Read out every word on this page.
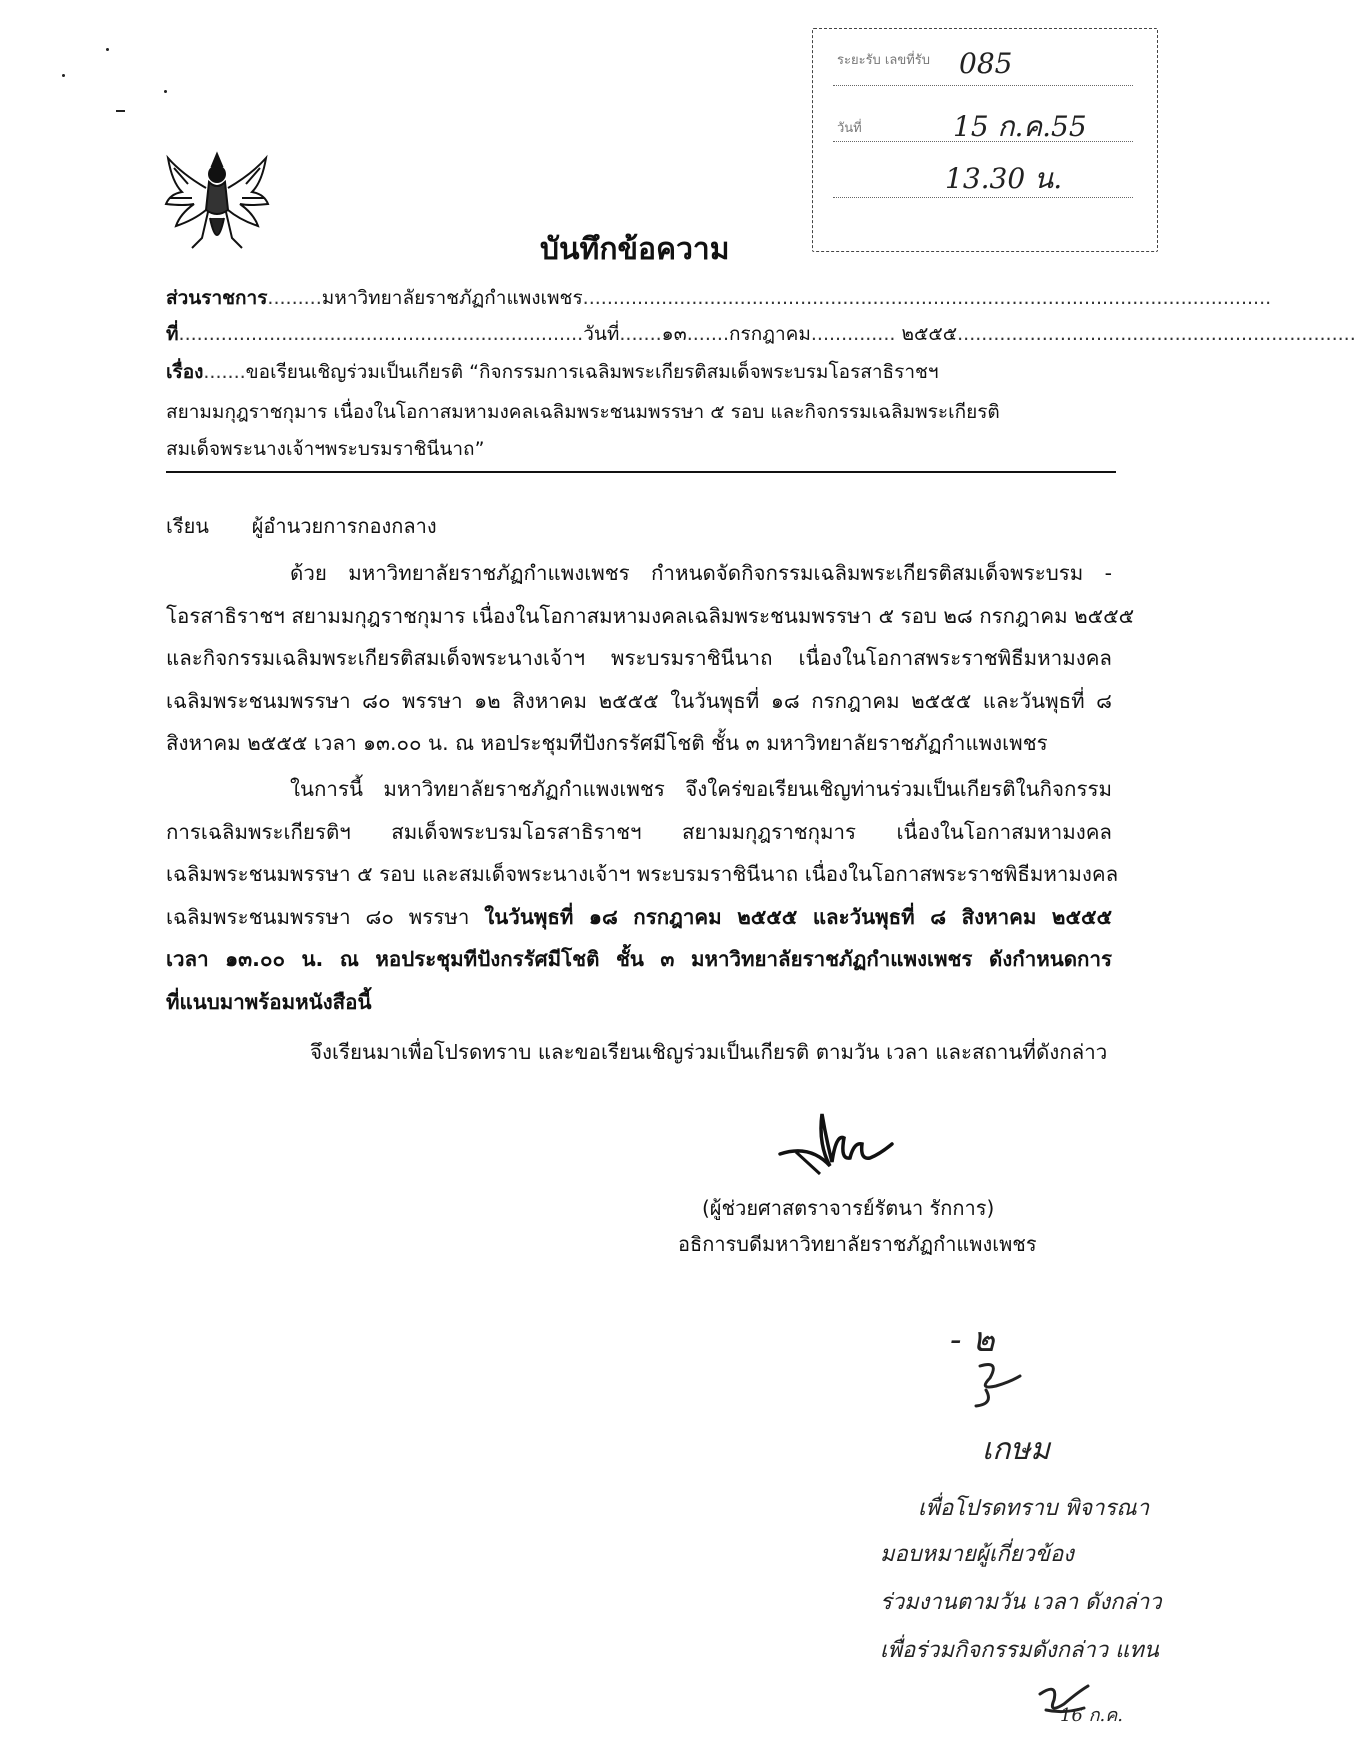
ระยะรับ เลขที่รับ 085
วันที่	15 ก.ค.55
13.30 น.
บันทึกข้อความ
ส่วนราชการ.........มหาวิทยาลัยราชภัฏกำแพงเพชร..................................................................................................................
ที่...................................................................วันที่.......๑๓.......กรกฎาคม.............. ๒๕๕๕..................................................................
เรื่อง.......ขอเรียนเชิญร่วมเป็นเกียรติ “กิจกรรมการเฉลิมพระเกียรติสมเด็จพระบรมโอรสาธิราชฯ
สยามมกุฎราชกุมาร เนื่องในโอกาสมหามงคลเฉลิมพระชนมพรรษา ๕ รอบ และกิจกรรมเฉลิมพระเกียรติ
สมเด็จพระนางเจ้าฯพระบรมราชินีนาถ”
เรียน ผู้อำนวยการกองกลาง
ด้วย มหาวิทยาลัยราชภัฏกำแพงเพชร กำหนดจัดกิจกรรมเฉลิมพระเกียรติสมเด็จพระบรม -
โอรสาธิราชฯ สยามมกุฎราชกุมาร เนื่องในโอกาสมหามงคลเฉลิมพระชนมพรรษา ๕ รอบ ๒๘ กรกฎาคม ๒๕๕๕
และกิจกรรมเฉลิมพระเกียรติสมเด็จพระนางเจ้าฯ พระบรมราชินีนาถ เนื่องในโอกาสพระราชพิธีมหามงคล
เฉลิมพระชนมพรรษา ๘๐ พรรษา ๑๒ สิงหาคม ๒๕๕๕ ในวันพุธที่ ๑๘ กรกฎาคม ๒๕๕๕ และวันพุธที่ ๘
สิงหาคม ๒๕๕๕ เวลา ๑๓.๐๐ น. ณ หอประชุมทีปังกรรัศมีโชติ ชั้น ๓ มหาวิทยาลัยราชภัฏกำแพงเพชร
ในการนี้ มหาวิทยาลัยราชภัฏกำแพงเพชร จึงใคร่ขอเรียนเชิญท่านร่วมเป็นเกียรติในกิจกรรม
การเฉลิมพระเกียรติฯ สมเด็จพระบรมโอรสาธิราชฯ สยามมกุฎราชกุมาร เนื่องในโอกาสมหามงคล
เฉลิมพระชนมพรรษา ๕ รอบ และสมเด็จพระนางเจ้าฯ พระบรมราชินีนาถ เนื่องในโอกาสพระราชพิธีมหามงคล
เฉลิมพระชนมพรรษา ๘๐ พรรษา ในวันพุธที่ ๑๘ กรกฎาคม ๒๕๕๕ และวันพุธที่ ๘ สิงหาคม ๒๕๕๕
เวลา ๑๓.๐๐ น. ณ หอประชุมทีปังกรรัศมีโชติ ชั้น ๓ มหาวิทยาลัยราชภัฏกำแพงเพชร ดังกำหนดการ
ที่แนบมาพร้อมหนังสือนี้
จึงเรียนมาเพื่อโปรดทราบ และขอเรียนเชิญร่วมเป็นเกียรติ ตามวัน เวลา และสถานที่ดังกล่าว
(ผู้ช่วยศาสตราจารย์รัตนา รักการ)
อธิการบดีมหาวิทยาลัยราชภัฏกำแพงเพชร
- ๒
เกษม
เพื่อโปรดทราบ พิจารณา
มอบหมายผู้เกี่ยวข้อง
ร่วมงานตามวัน เวลา ดังกล่าว
เพื่อร่วมกิจกรรมดังกล่าว แทน
16 ก.ค.
